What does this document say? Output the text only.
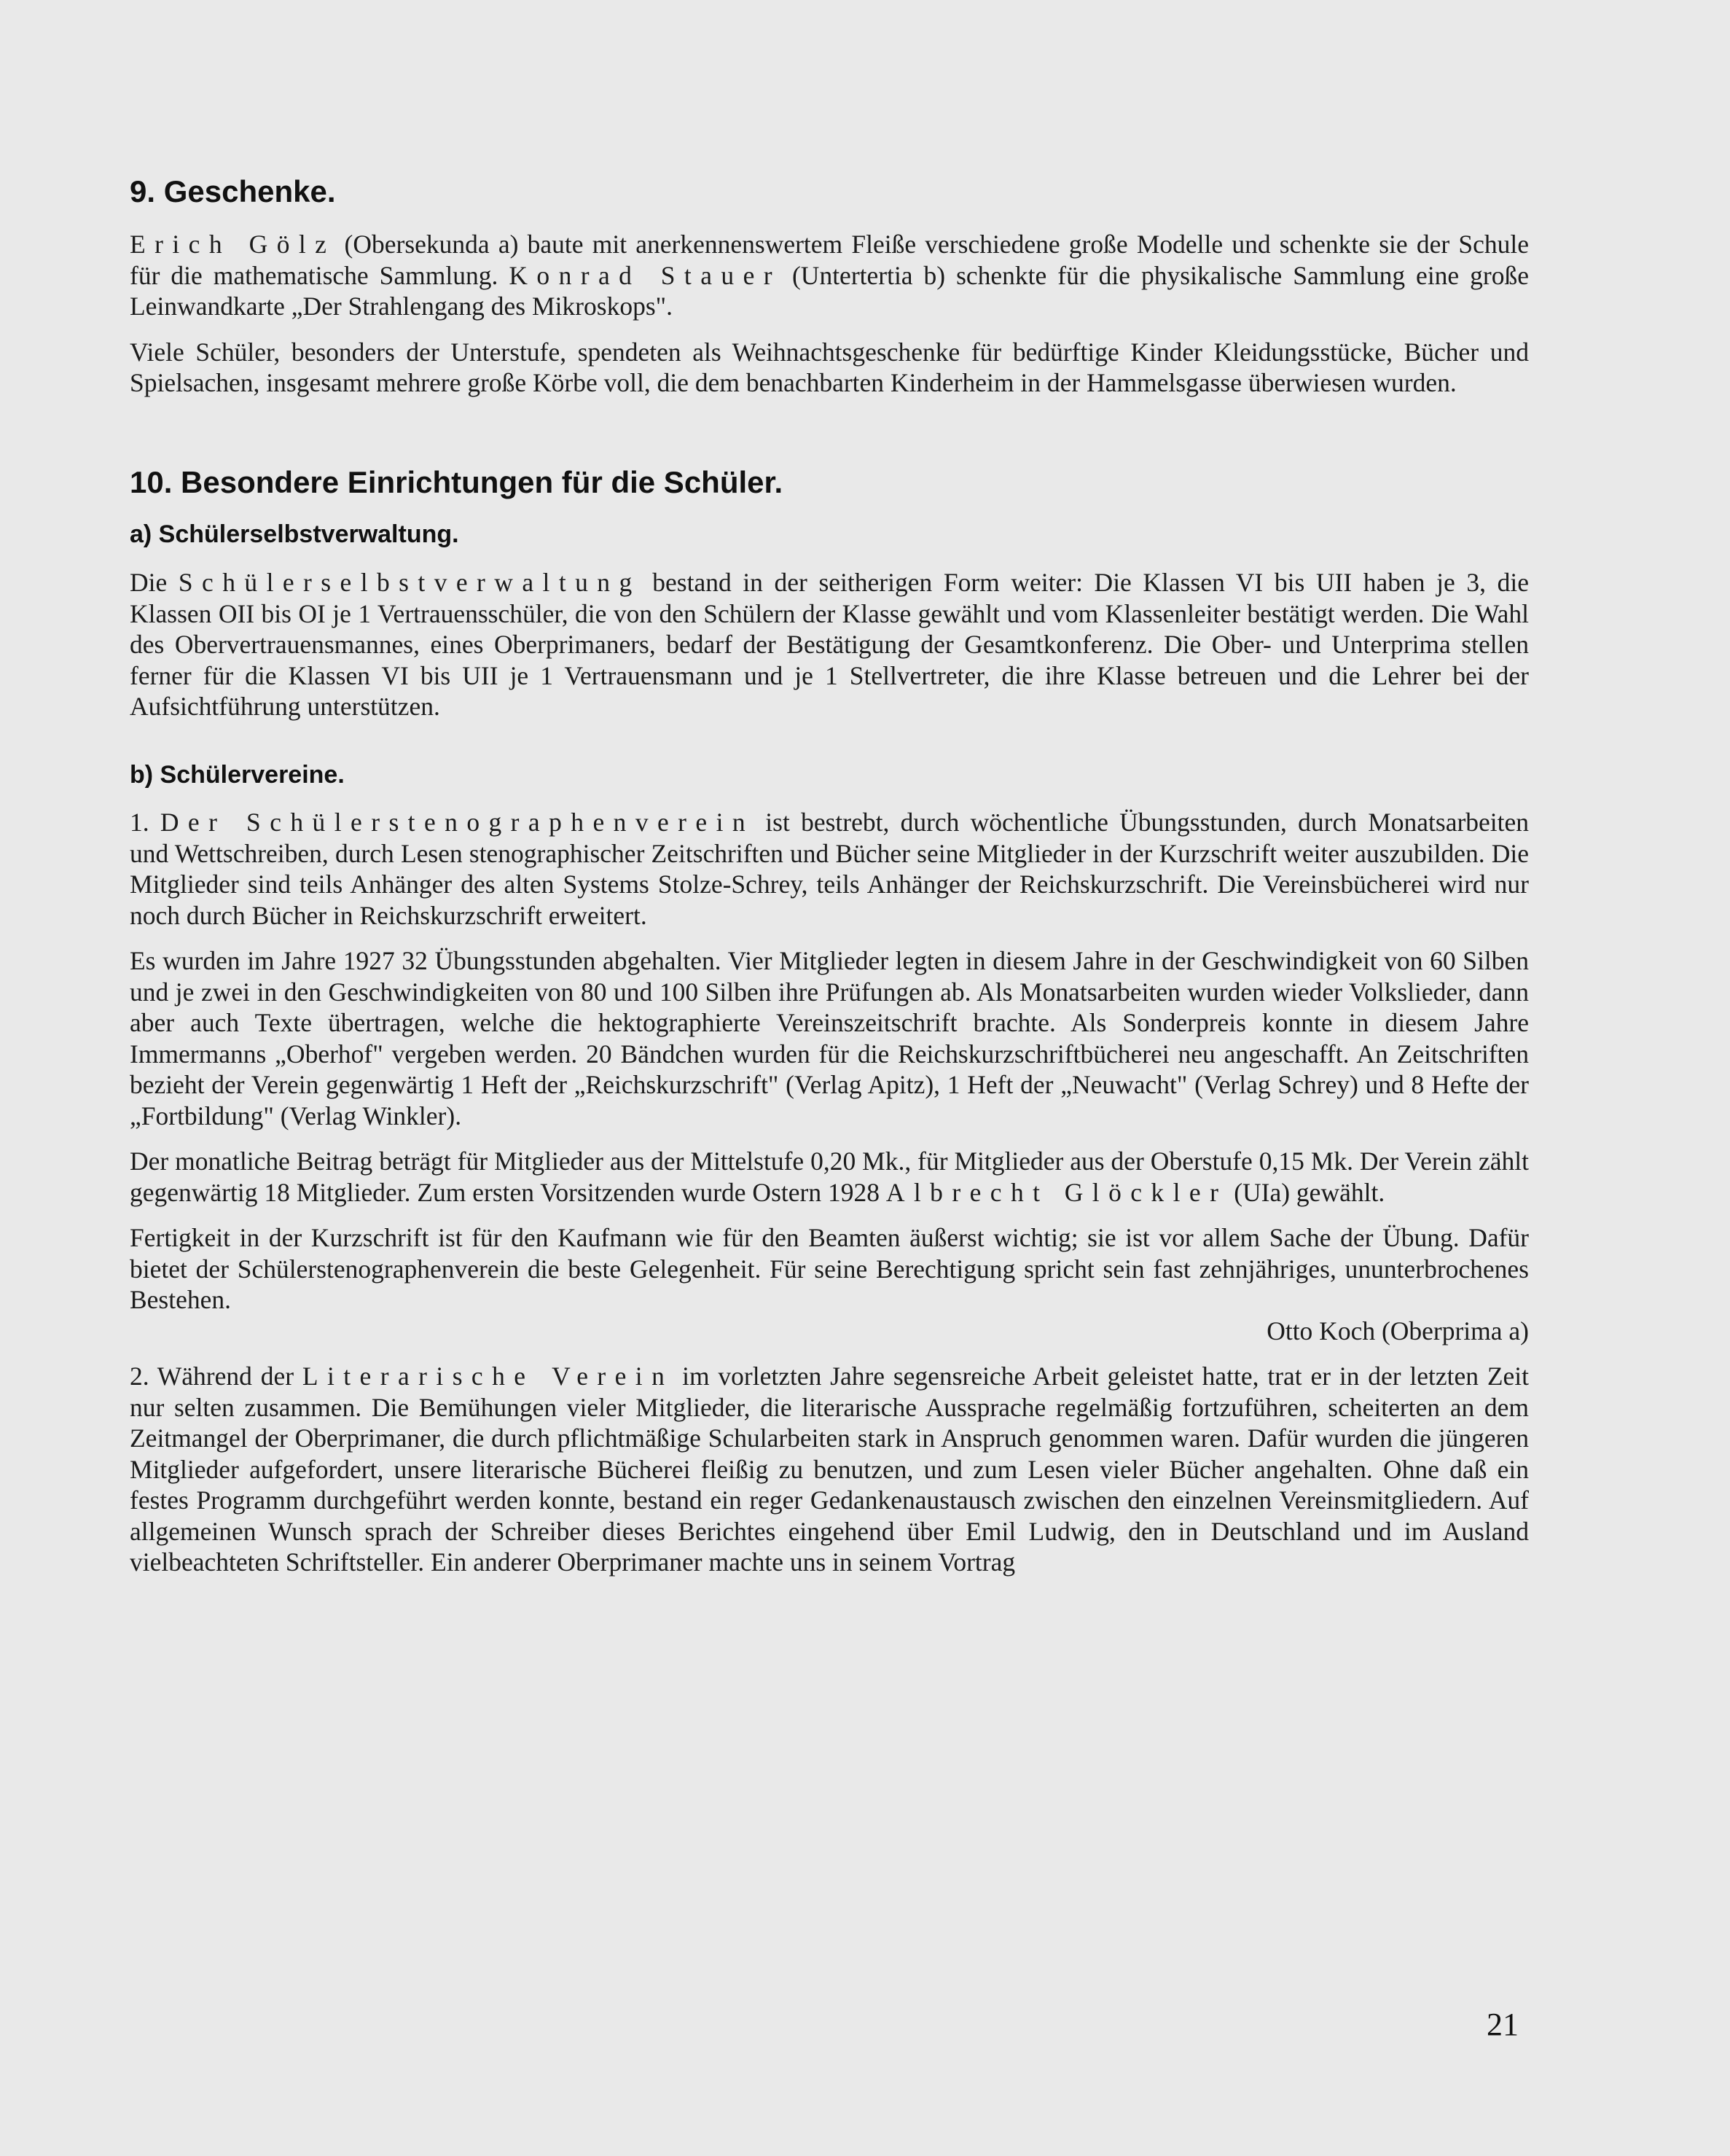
9. Geschenke.

Erich Gölz (Obersekunda a) baute mit anerkennenswertem Fleiße verschiedene große Modelle und schenkte sie der Schule für die mathematische Sammlung. Konrad Stauer (Untertertia b) schenkte für die physikalische Sammlung eine große Leinwandkarte „Der Strahlengang des Mikroskops".

Viele Schüler, besonders der Unterstufe, spendeten als Weihnachtsgeschenke für bedürftige Kinder Kleidungsstücke, Bücher und Spielsachen, insgesamt mehrere große Körbe voll, die dem benachbarten Kinderheim in der Hammelsgasse überwiesen wurden.

10. Besondere Einrichtungen für die Schüler.
a) Schülerselbstverwaltung.

Die Schülerselbstverwaltung bestand in der seitherigen Form weiter: Die Klassen VI bis UII haben je 3, die Klassen OII bis OI je 1 Vertrauensschüler, die von den Schülern der Klasse gewählt und vom Klassenleiter bestätigt werden. Die Wahl des Obervertrauensmannes, eines Oberprimaners, bedarf der Bestätigung der Gesamtkonferenz. Die Ober- und Unterprima stellen ferner für die Klassen VI bis UII je 1 Vertrauensmann und je 1 Stellvertreter, die ihre Klasse betreuen und die Lehrer bei der Aufsichtführung unterstützen.

b) Schülervereine.

1. Der Schülerstenographenverein ist bestrebt, durch wöchentliche Übungsstunden, durch Monatsarbeiten und Wettschreiben, durch Lesen stenographischer Zeitschriften und Bücher seine Mitglieder in der Kurzschrift weiter auszubilden. Die Mitglieder sind teils Anhänger des alten Systems Stolze-Schrey, teils Anhänger der Reichskurzschrift. Die Vereinsbücherei wird nur noch durch Bücher in Reichskurzschrift erweitert.

Es wurden im Jahre 1927 32 Übungsstunden abgehalten. Vier Mitglieder legten in diesem Jahre in der Geschwindigkeit von 60 Silben und je zwei in den Geschwindigkeiten von 80 und 100 Silben ihre Prüfungen ab. Als Monatsarbeiten wurden wieder Volkslieder, dann aber auch Texte übertragen, welche die hektographierte Vereinszeitschrift brachte. Als Sonderpreis konnte in diesem Jahre Immermanns „Oberhof" vergeben werden. 20 Bändchen wurden für die Reichskurzschriftbücherei neu angeschafft. An Zeitschriften bezieht der Verein gegenwärtig 1 Heft der „Reichskurzschrift" (Verlag Apitz), 1 Heft der „Neuwacht" (Verlag Schrey) und 8 Hefte der „Fortbildung" (Verlag Winkler).

Der monatliche Beitrag beträgt für Mitglieder aus der Mittelstufe 0,20 Mk., für Mitglieder aus der Oberstufe 0,15 Mk. Der Verein zählt gegenwärtig 18 Mitglieder. Zum ersten Vorsitzenden wurde Ostern 1928 Albrecht Glöckler (UIa) gewählt.

Fertigkeit in der Kurzschrift ist für den Kaufmann wie für den Beamten äußerst wichtig; sie ist vor allem Sache der Übung. Dafür bietet der Schülerstenographenverein die beste Gelegenheit. Für seine Berechtigung spricht sein fast zehnjähriges, ununterbrochenes Bestehen.

Otto Koch (Oberprima a)

2. Während der Literarische Verein im vorletzten Jahre segensreiche Arbeit geleistet hatte, trat er in der letzten Zeit nur selten zusammen. Die Bemühungen vieler Mitglieder, die literarische Aussprache regelmäßig fortzuführen, scheiterten an dem Zeitmangel der Oberprimaner, die durch pflichtmäßige Schularbeiten stark in Anspruch genommen waren. Dafür wurden die jüngeren Mitglieder aufgefordert, unsere literarische Bücherei fleißig zu benutzen, und zum Lesen vieler Bücher angehalten. Ohne daß ein festes Programm durchgeführt werden konnte, bestand ein reger Gedankenaustausch zwischen den einzelnen Vereinsmitgliedern. Auf allgemeinen Wunsch sprach der Schreiber dieses Berichtes eingehend über Emil Ludwig, den in Deutschland und im Ausland vielbeachteten Schriftsteller. Ein anderer Oberprimaner machte uns in seinem Vortrag

21
